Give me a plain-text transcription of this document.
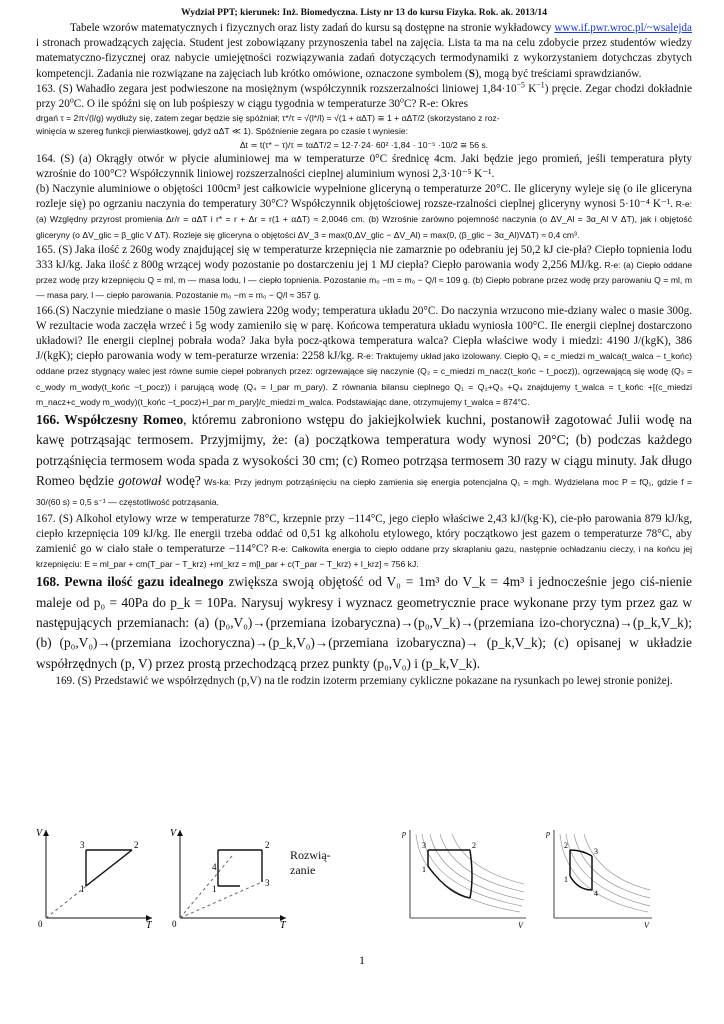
Wydział PPT; kierunek: Inż. Biomedyczna. Listy nr 13 do kursu Fizyka. Rok. ak. 2013/14

Tabele wzorów matematycznych i fizycznych oraz listy zadań do kursu są dostępne na stronie wykładowcy www.if.pwr.wroc.pl/~wsalejda i stronach prowadzących zajęcia. Student jest zobowiązany przynoszenia tabel na zajęcia. Lista ta ma na celu zdobycie przez studentów wiedzy matematyczno-fizycznej oraz nabycie umiejętności rozwiązywania zadań dotyczących termodynamiki z wykorzystaniem dotychczas zbytych kompetencji. Zadania nie rozwiązane na zajęciach lub krótko omówione, oznaczone symbolem (S), mogą być treściami sprawdzianów.

163. (S) Wahadło zegara jest podwieszone na mosiężnym (współczynnik rozszerzalności liniowej $1,84\cdot 10^{-5}$ $K^{-1}$) pręcie. Zegar chodzi dokładnie przy 20$^o$C. O ile spóźni się on lub pośpieszy w ciągu tygodnia w temperaturze 30$^o$C? R-e: Okres

drgań τ = 2π√(l/g) wydłuży się, zatem zegar będzie się spóźniał; τ*/τ = √(l*/l) = √(1 + αΔT) ≅ 1 + αΔT/2 (skorzystano z roz-

winięcia w szereg funkcji pierwiastkowej, gdyż αΔT ≪ 1). Spóźnienie zegara po czasie t wyniesie:

Δt ≃ t(τ* − τ)/τ ≃ tαΔT/2 = 12·7·24· 60² ·1,84 · 10⁻⁵ ·10/2 ≅ 56 s.

164. (S) (a) Okrągły otwór w płycie aluminiowej ma w temperaturze 0°C średnicę 4cm. Jaki będzie jego promień, jeśli temperatura płyty wzrośnie do 100°C? Współczynnik liniowej rozszerzalności cieplnej aluminium wynosi 2,3·10⁻⁵ K⁻¹.
(b) Naczynie aluminiowe o objętości 100cm³ jest całkowicie wypełnione gliceryną o temperaturze 20°C. Ile gliceryny wyleje się (o ile gliceryna rozleje się) po ogrzaniu naczynia do temperatury 30°C? Współczynnik objętościowej rozsze-rzalności cieplnej gliceryny wynosi 5·10⁻⁴ K⁻¹. R-e: (a) Względny przyrost promienia Δr/r = αΔT i r* = r + Δr = r(1 + αΔT) ≈ 2,0046 cm. (b) Wzrośnie zarówno pojemność naczynia (o ΔV_Al = 3α_Al V ΔT), jak i objętość gliceryny (o ΔV_glic = β_glic V ΔT). Rozleje się gliceryna o objętości ΔV_3 = max(0,ΔV_glic − ΔV_Al) = max(0, (β_glic − 3α_Al)VΔT) ≈ 0,4 cm³.

165. (S) Jaka ilość z 260g wody znajdującej się w temperaturze krzepnięcia nie zamarznie po odebraniu jej 50,2 kJ cie-pła? Ciepło topnienia lodu 333 kJ/kg. Jaka ilość z 800g wrzącej wody pozostanie po dostarczeniu jej 1 MJ ciepła? Ciepło parowania wody 2,256 MJ/kg. R-e: (a) Ciepło oddane przez wodę przy krzepnięciu Q = ml, m — masa lodu, l — ciepło topnienia. Pozostanie m₀ −m = m₀ − Q/l ≈ 109 g. (b) Ciepło pobrane przez wodę przy parowaniu Q = ml, m — masa pary, l — ciepło parowania. Pozostanie m₀ −m = m₀ − Q/l ≈ 357 g.

166.(S) Naczynie miedziane o masie 150g zawiera 220g wody; temperatura układu 20°C. Do naczynia wrzucono mie-dziany walec o masie 300g. W rezultacie woda zaczęła wrzeć i 5g wody zamieniło się w parę. Końcowa temperatura układu wyniosła 100°C. Ile energii cieplnej dostarczono układowi? Ile energii cieplnej pobrała woda? Jaka była pocz-ątkowa temperatura walca? Ciepła właściwe wody i miedzi: 4190 J/(kgK), 386 J/(kgK); ciepło parowania wody w tem-peraturze wrzenia: 2258 kJ/kg. R-e: Traktujemy układ jako izolowany. Ciepło Q₁ = c_miedzi m_walca(t_walca − t_końc) oddane przez stygnący walec jest równe sumie ciepeł pobranych przez: ogrzewające się naczynie (Q₂ = c_miedzi m_nacz(t_końc − t_pocz)), ogrzewającą się wodę (Q₃ = c_wody m_wody(t_końc −t_pocz)) i parującą wodę (Q₄ = l_par m_pary). Z równania bilansu cieplnego Q₁ = Q₂+Q₃ +Q₄ znajdujemy t_walca = t_końc +[(c_miedzi m_nacz+c_wody m_wody)(t_końc −t_pocz)+l_par m_pary]/c_miedzi m_walca. Podstawiając dane, otrzymujemy t_walca = 874°C.

166. Współczesny Romeo, któremu zabroniono wstępu do jakiejkolwiek kuchni, postanowił zagotować Julii wodę na kawę potrząsając termosem. Przyjmijmy, że: (a) początkowa temperatura wody wynosi 20°C; (b) podczas każdego potrząśnięcia termosem woda spada z wysokości 30 cm; (c) Romeo potrząsa termosem 30 razy w ciągu minuty. Jak długo Romeo będzie gotował wodę? Ws-ka: Przy jednym potrząśnięciu na ciepło zamienia się energia potencjalna Q₁ = mgh. Wydzielana moc P = fQ₁, gdzie f = 30/(60 s) = 0,5 s⁻¹ — częstotliwość potrząsania.

167. (S) Alkohol etylowy wrze w temperaturze 78°C, krzepnie przy −114°C, jego ciepło właściwe 2,43 kJ/(kg·K), cie-pło parowania 879 kJ/kg, ciepło krzepnięcia 109 kJ/kg. Ile energii trzeba oddać od 0,51 kg alkoholu etylowego, który początkowo jest gazem o temperaturze 78°C, aby zamienić go w ciało stałe o temperaturze −114°C? R-e: Całkowita energia to ciepło oddane przy skraplaniu gazu, następnie ochładzaniu cieczy, i na końcu jej krzepnięciu: E = ml_par + cm(T_par − T_krz) +ml_krz = m[l_par + c(T_par − T_krz) + l_krz] ≈ 756 kJ.

168. Pewna ilość gazu idealnego zwiększa swoją objętość od V₀ = 1m³ do V_k = 4m³ i jednocześnie jego ciś-nienie maleje od p₀ = 40Pa do p_k = 10Pa. Narysuj wykresy i wyznacz geometrycznie prace wykonane przy tym przez gaz w następujących przemianach: (a) (p₀,V₀)→(przemiana izobaryczna)→(p₀,V_k)→(przemiana izo-choryczna)→(p_k,V_k); (b) (p₀,V₀)→(przemiana izochoryczna)→(p_k,V₀)→(przemiana izobaryczna)→ (p_k,V_k); (c) opisanej w układzie współrzędnych (p, V) przez prostą przechodzącą przez punkty (p₀,V₀) i (p_k,V_k).

169. (S) Przedstawić we współrzędnych (p,V) na tle rodzin izoterm przemiany cykliczne pokazane na rysunkach po lewej stronie poniżej.

V
T
0
1
2
3
V
T
0
1
2
3
4
Rozwią-
zanie
p
V
1
2
3
p
V
1
2
3
4
1
